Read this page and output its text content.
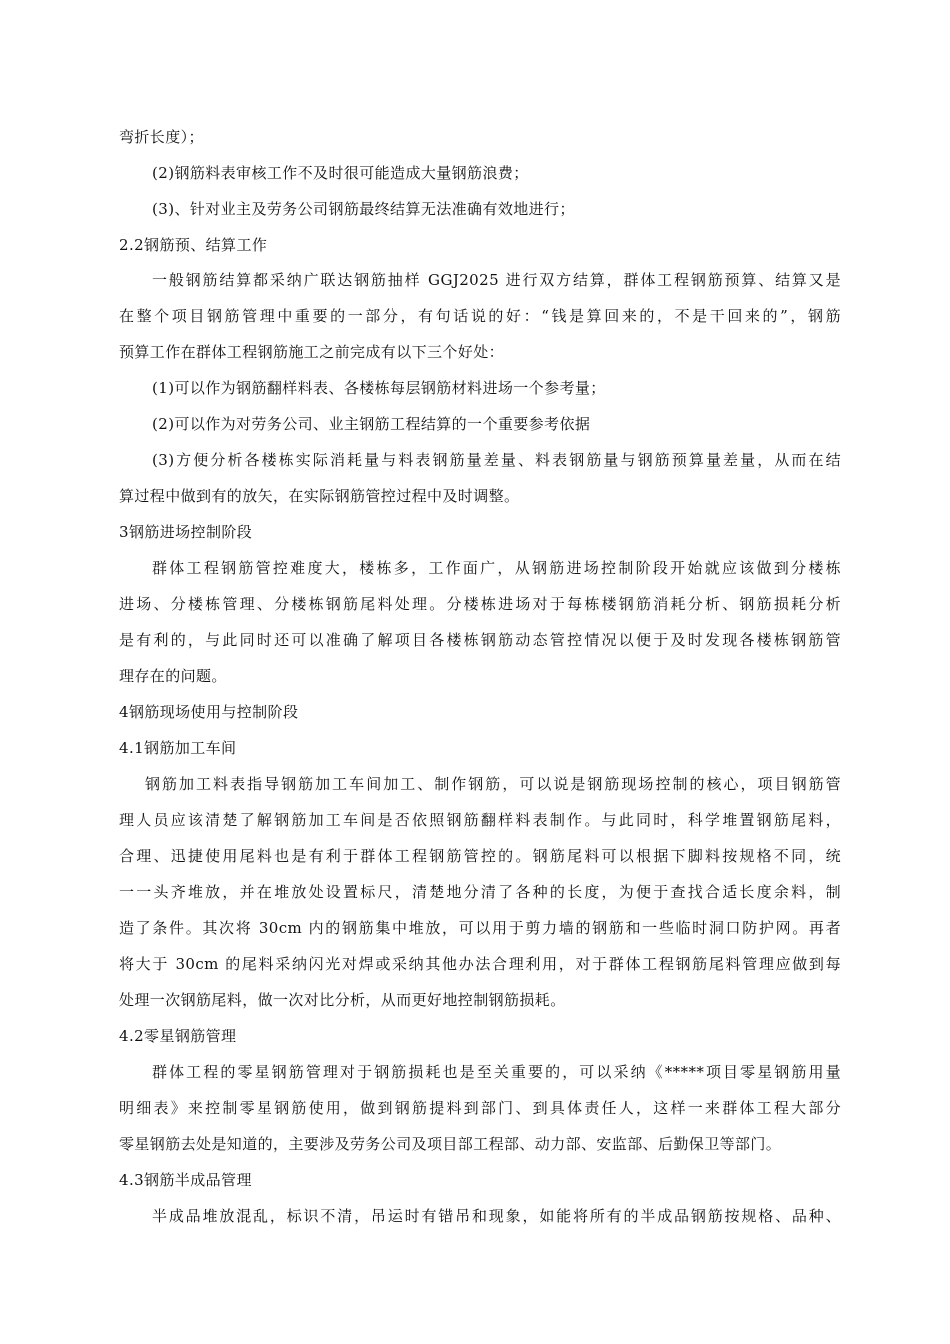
弯折长度）；
(2)钢筋料表审核工作不及时很可能造成大量钢筋浪费；
(3)、针对业主及劳务公司钢筋最终结算无法准确有效地进行；
2.2钢筋预、结算工作
一般钢筋结算都采纳广联达钢筋抽样 GGJ2025 进行双方结算，群体工程钢筋预算、结算又是
在整个项目钢筋管理中重要的一部分，有句话说的好：“钱是算回来的，不是干回来的”，钢筋
预算工作在群体工程钢筋施工之前完成有以下三个好处：
(1)可以作为钢筋翻样料表、各楼栋每层钢筋材料进场一个参考量；
(2)可以作为对劳务公司、业主钢筋工程结算的一个重要参考依据
(3)方便分析各楼栋实际消耗量与料表钢筋量差量、料表钢筋量与钢筋预算量差量，从而在结
算过程中做到有的放矢，在实际钢筋管控过程中及时调整。
3钢筋进场控制阶段
群体工程钢筋管控难度大，楼栋多，工作面广，从钢筋进场控制阶段开始就应该做到分楼栋
进场、分楼栋管理、分楼栋钢筋尾料处理。分楼栋进场对于每栋楼钢筋消耗分析、钢筋损耗分析
是有利的，与此同时还可以准确了解项目各楼栋钢筋动态管控情况以便于及时发现各楼栋钢筋管
理存在的问题。
4钢筋现场使用与控制阶段
4.1钢筋加工车间
钢筋加工料表指导钢筋加工车间加工、制作钢筋，可以说是钢筋现场控制的核心，项目钢筋管
理人员应该清楚了解钢筋加工车间是否依照钢筋翻样料表制作。与此同时，科学堆置钢筋尾料，
合理、迅捷使用尾料也是有利于群体工程钢筋管控的。钢筋尾料可以根据下脚料按规格不同，统
一一头齐堆放，并在堆放处设置标尺，清楚地分清了各种的长度，为便于查找合适长度余料，制
造了条件。其次将 30cm 内的钢筋集中堆放，可以用于剪力墙的钢筋和一些临时洞口防护网。再者
将大于 30cm 的尾料采纳闪光对焊或采纳其他办法合理利用，对于群体工程钢筋尾料管理应做到每
处理一次钢筋尾料，做一次对比分析，从而更好地控制钢筋损耗。
4.2零星钢筋管理
群体工程的零星钢筋管理对于钢筋损耗也是至关重要的，可以采纳《*****项目零星钢筋用量
明细表》来控制零星钢筋使用，做到钢筋提料到部门、到具体责任人，这样一来群体工程大部分
零星钢筋去处是知道的，主要涉及劳务公司及项目部工程部、动力部、安监部、后勤保卫等部门。
4.3钢筋半成品管理
半成品堆放混乱，标识不清，吊运时有错吊和现象，如能将所有的半成品钢筋按规格、品种、
